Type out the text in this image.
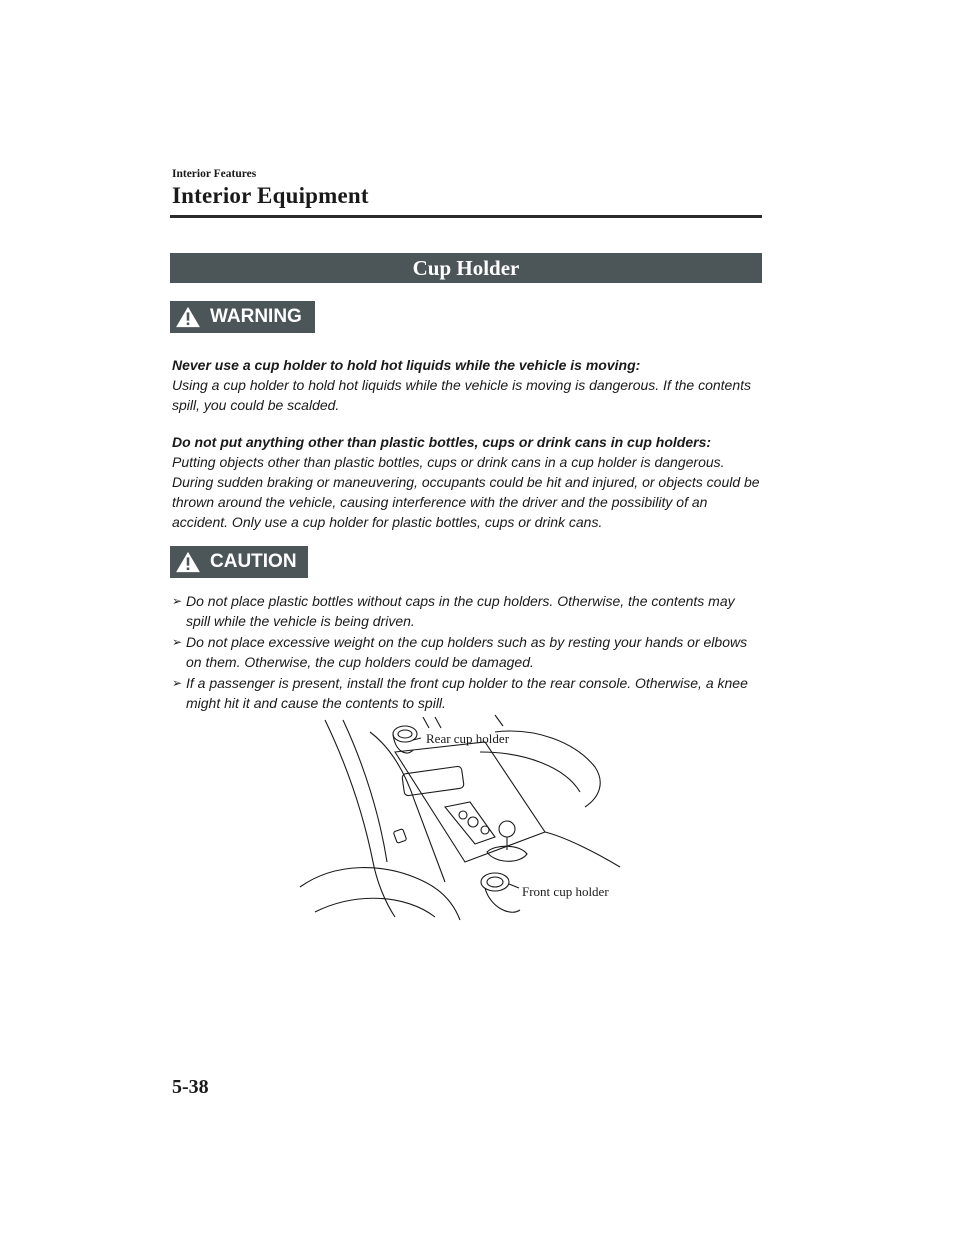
Interior Features
Interior Equipment
Cup Holder
WARNING
Never use a cup holder to hold hot liquids while the vehicle is moving:
Using a cup holder to hold hot liquids while the vehicle is moving is dangerous. If the contents spill, you could be scalded.
Do not put anything other than plastic bottles, cups or drink cans in cup holders:
Putting objects other than plastic bottles, cups or drink cans in a cup holder is dangerous. During sudden braking or maneuvering, occupants could be hit and injured, or objects could be thrown around the vehicle, causing interference with the driver and the possibility of an accident. Only use a cup holder for plastic bottles, cups or drink cans.
CAUTION
➢ Do not place plastic bottles without caps in the cup holders. Otherwise, the contents may spill while the vehicle is being driven.
➢ Do not place excessive weight on the cup holders such as by resting your hands or elbows on them. Otherwise, the cup holders could be damaged.
➢ If a passenger is present, install the front cup holder to the rear console. Otherwise, a knee might hit it and cause the contents to spill.
Rear cup holder
Front cup holder
5-38
